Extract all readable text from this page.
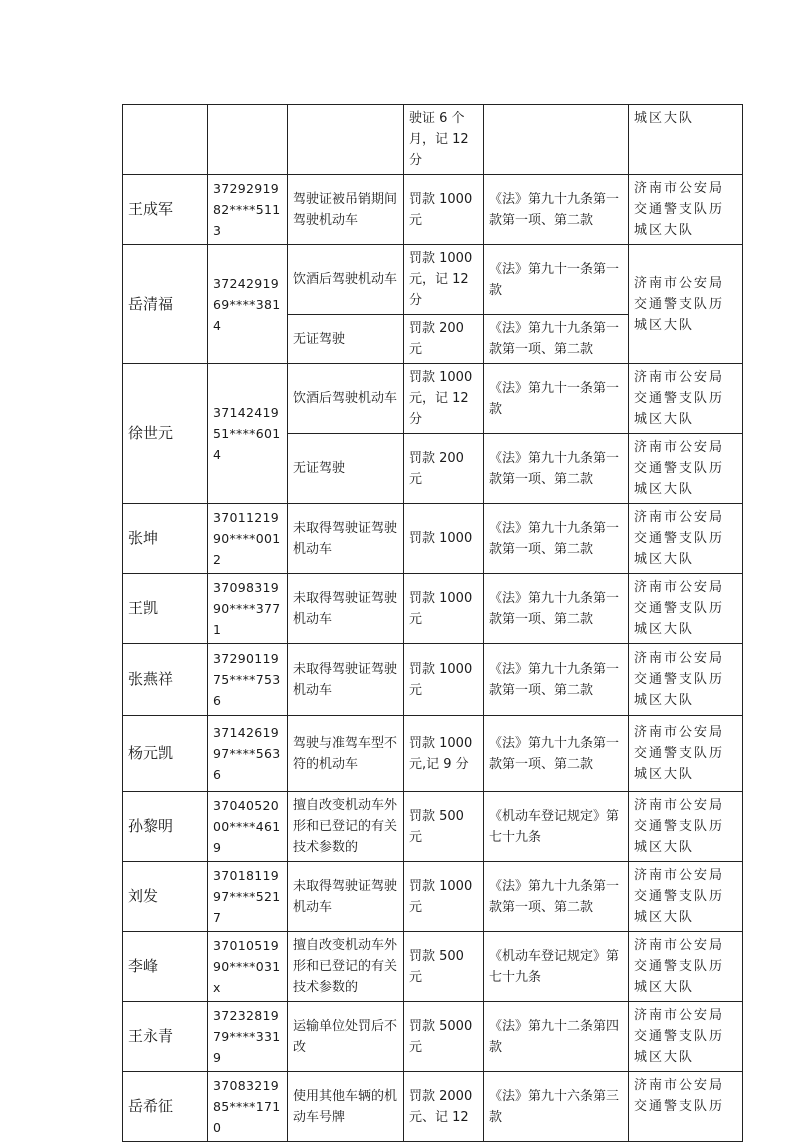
			驶证 6 个月，记 12 分		城区大队
王成军	3729291982****5113	驾驶证被吊销期间驾驶机动车	罚款 1000元	《法》第九十九条第一款第一项、第二款	济南市公安局交通警支队历城区大队
岳清福	3724291969****3814	饮酒后驾驶机动车	罚款 1000元，记 12分	《法》第九十一条第一款	济南市公安局交通警支队历城区大队
		无证驾驶	罚款 200 元	《法》第九十九条第一款第一项、第二款	
徐世元	3714241951****6014	饮酒后驾驶机动车	罚款 1000元，记 12分	《法》第九十一条第一款	济南市公安局交通警支队历城区大队
		无证驾驶	罚款 200 元	《法》第九十九条第一款第一项、第二款	济南市公安局交通警支队历城区大队
张坤	3701121990****0012	未取得驾驶证驾驶机动车	罚款 1000	《法》第九十九条第一款第一项、第二款	济南市公安局交通警支队历城区大队
王凯	3709831990****3771	未取得驾驶证驾驶机动车	罚款 1000元	《法》第九十九条第一款第一项、第二款	济南市公安局交通警支队历城区大队
张燕祥	3729011975****7536	未取得驾驶证驾驶机动车	罚款 1000元	《法》第九十九条第一款第一项、第二款	济南市公安局交通警支队历城区大队
杨元凯	3714261997****5636	驾驶与准驾车型不符的机动车	罚款 1000元,记 9 分	《法》第九十九条第一款第一项、第二款	济南市公安局交通警支队历城区大队
孙黎明	3704052000****4619	擅自改变机动车外形和已登记的有关技术参数的	罚款 500 元	《机动车登记规定》第七十九条	济南市公安局交通警支队历城区大队
刘发	3701811997****5217	未取得驾驶证驾驶机动车	罚款 1000元	《法》第九十九条第一款第一项、第二款	济南市公安局交通警支队历城区大队
李峰	3701051990****031x	擅自改变机动车外形和已登记的有关技术参数的	罚款 500 元	《机动车登记规定》第七十九条	济南市公安局交通警支队历城区大队
王永青	3723281979****3319	运输单位处罚后不改	罚款 5000元	《法》第九十二条第四款	济南市公安局交通警支队历城区大队
岳希征	3708321985****1710	使用其他车辆的机动车号牌	罚款 2000元、记 12	《法》第九十六条第三款	济南市公安局交通警支队历
